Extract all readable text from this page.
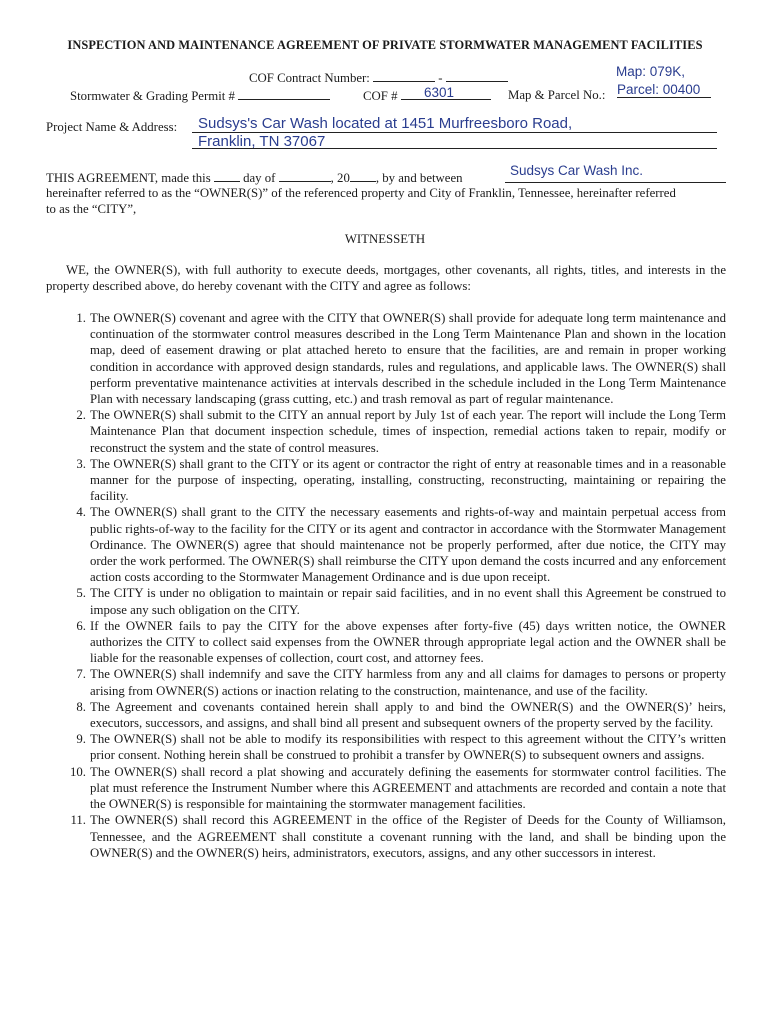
INSPECTION AND MAINTENANCE AGREEMENT OF PRIVATE STORMWATER MANAGEMENT FACILITIES
COF Contract Number:	-	Map: 079K,
Stormwater & Grading Permit #	COF #	6301	Map & Parcel No.: Parcel: 00400
Project Name & Address: Sudsys's Car Wash located at 1451 Murfreesboro Road,
Franklin, TN 37067
THIS AGREEMENT, made this	day of	, 20 , by and between	Sudsys Car Wash Inc.
hereinafter referred to as the “OWNER(S)” of the referenced property and City of Franklin, Tennessee, hereinafter referred
to as the “CITY”,
WITNESSETH
WE, the OWNER(S), with full authority to execute deeds, mortgages, other covenants, all rights, titles, and interests in the property described above, do hereby covenant with the CITY and agree as follows:
1. The OWNER(S) covenant and agree with the CITY that OWNER(S) shall provide for adequate long term maintenance and continuation of the stormwater control measures described in the Long Term Maintenance Plan and shown in the location map, deed of easement drawing or plat attached hereto to ensure that the facilities, are and remain in proper working condition in accordance with approved design standards, rules and regulations, and applicable laws. The OWNER(S) shall perform preventative maintenance activities at intervals described in the schedule included in the Long Term Maintenance Plan with necessary landscaping (grass cutting, etc.) and trash removal as part of regular maintenance.
2. The OWNER(S) shall submit to the CITY an annual report by July 1st of each year. The report will include the Long Term Maintenance Plan that document inspection schedule, times of inspection, remedial actions taken to repair, modify or reconstruct the system and the state of control measures.
3. The OWNER(S) shall grant to the CITY or its agent or contractor the right of entry at reasonable times and in a reasonable manner for the purpose of inspecting, operating, installing, constructing, reconstructing, maintaining or repairing the facility.
4. The OWNER(S) shall grant to the CITY the necessary easements and rights-of-way and maintain perpetual access from public rights-of-way to the facility for the CITY or its agent and contractor in accordance with the Stormwater Management Ordinance. The OWNER(S) agree that should maintenance not be properly performed, after due notice, the CITY may order the work performed. The OWNER(S) shall reimburse the CITY upon demand the costs incurred and any enforcement action costs according to the Stormwater Management Ordinance and is due upon receipt.
5. The CITY is under no obligation to maintain or repair said facilities, and in no event shall this Agreement be construed to impose any such obligation on the CITY.
6. If the OWNER fails to pay the CITY for the above expenses after forty-five (45) days written notice, the OWNER authorizes the CITY to collect said expenses from the OWNER through appropriate legal action and the OWNER shall be liable for the reasonable expenses of collection, court cost, and attorney fees.
7. The OWNER(S) shall indemnify and save the CITY harmless from any and all claims for damages to persons or property arising from OWNER(S) actions or inaction relating to the construction, maintenance, and use of the facility.
8. The Agreement and covenants contained herein shall apply to and bind the OWNER(S) and the OWNER(S)’ heirs, executors, successors, and assigns, and shall bind all present and subsequent owners of the property served by the facility.
9. The OWNER(S) shall not be able to modify its responsibilities with respect to this agreement without the CITY’s written prior consent. Nothing herein shall be construed to prohibit a transfer by OWNER(S) to subsequent owners and assigns.
10. The OWNER(S) shall record a plat showing and accurately defining the easements for stormwater control facilities. The plat must reference the Instrument Number where this AGREEMENT and attachments are recorded and contain a note that the OWNER(S) is responsible for maintaining the stormwater management facilities.
11. The OWNER(S) shall record this AGREEMENT in the office of the Register of Deeds for the County of Williamson, Tennessee, and the AGREEMENT shall constitute a covenant running with the land, and shall be binding upon the OWNER(S) and the OWNER(S) heirs, administrators, executors, assigns, and any other successors in interest.
